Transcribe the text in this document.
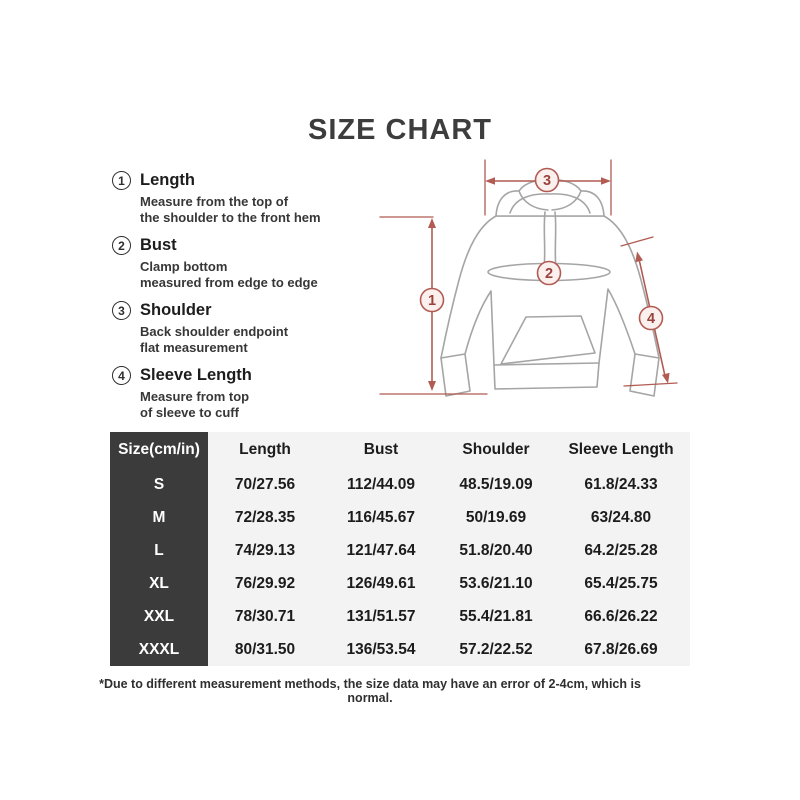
SIZE CHART
1 Length
Measure from the top of
the shoulder to the front hem
2 Bust
Clamp bottom
measured from edge to edge
3 Shoulder
Back shoulder endpoint
flat measurement
4 Sleeve Length
Measure from top
of sleeve to cuff
1
2
3
4
Size(cm/in)	Length	Bust	Shoulder	Sleeve Length
S	70/27.56	112/44.09	48.5/19.09	61.8/24.33
M	72/28.35	116/45.67	50/19.69	63/24.80
L	74/29.13	121/47.64	51.8/20.40	64.2/25.28
XL	76/29.92	126/49.61	53.6/21.10	65.4/25.75
XXL	78/30.71	131/51.57	55.4/21.81	66.6/26.22
XXXL	80/31.50	136/53.54	57.2/22.52	67.8/26.69
*Due to different measurement methods, the size data may have an error of 2-4cm, which is normal.
